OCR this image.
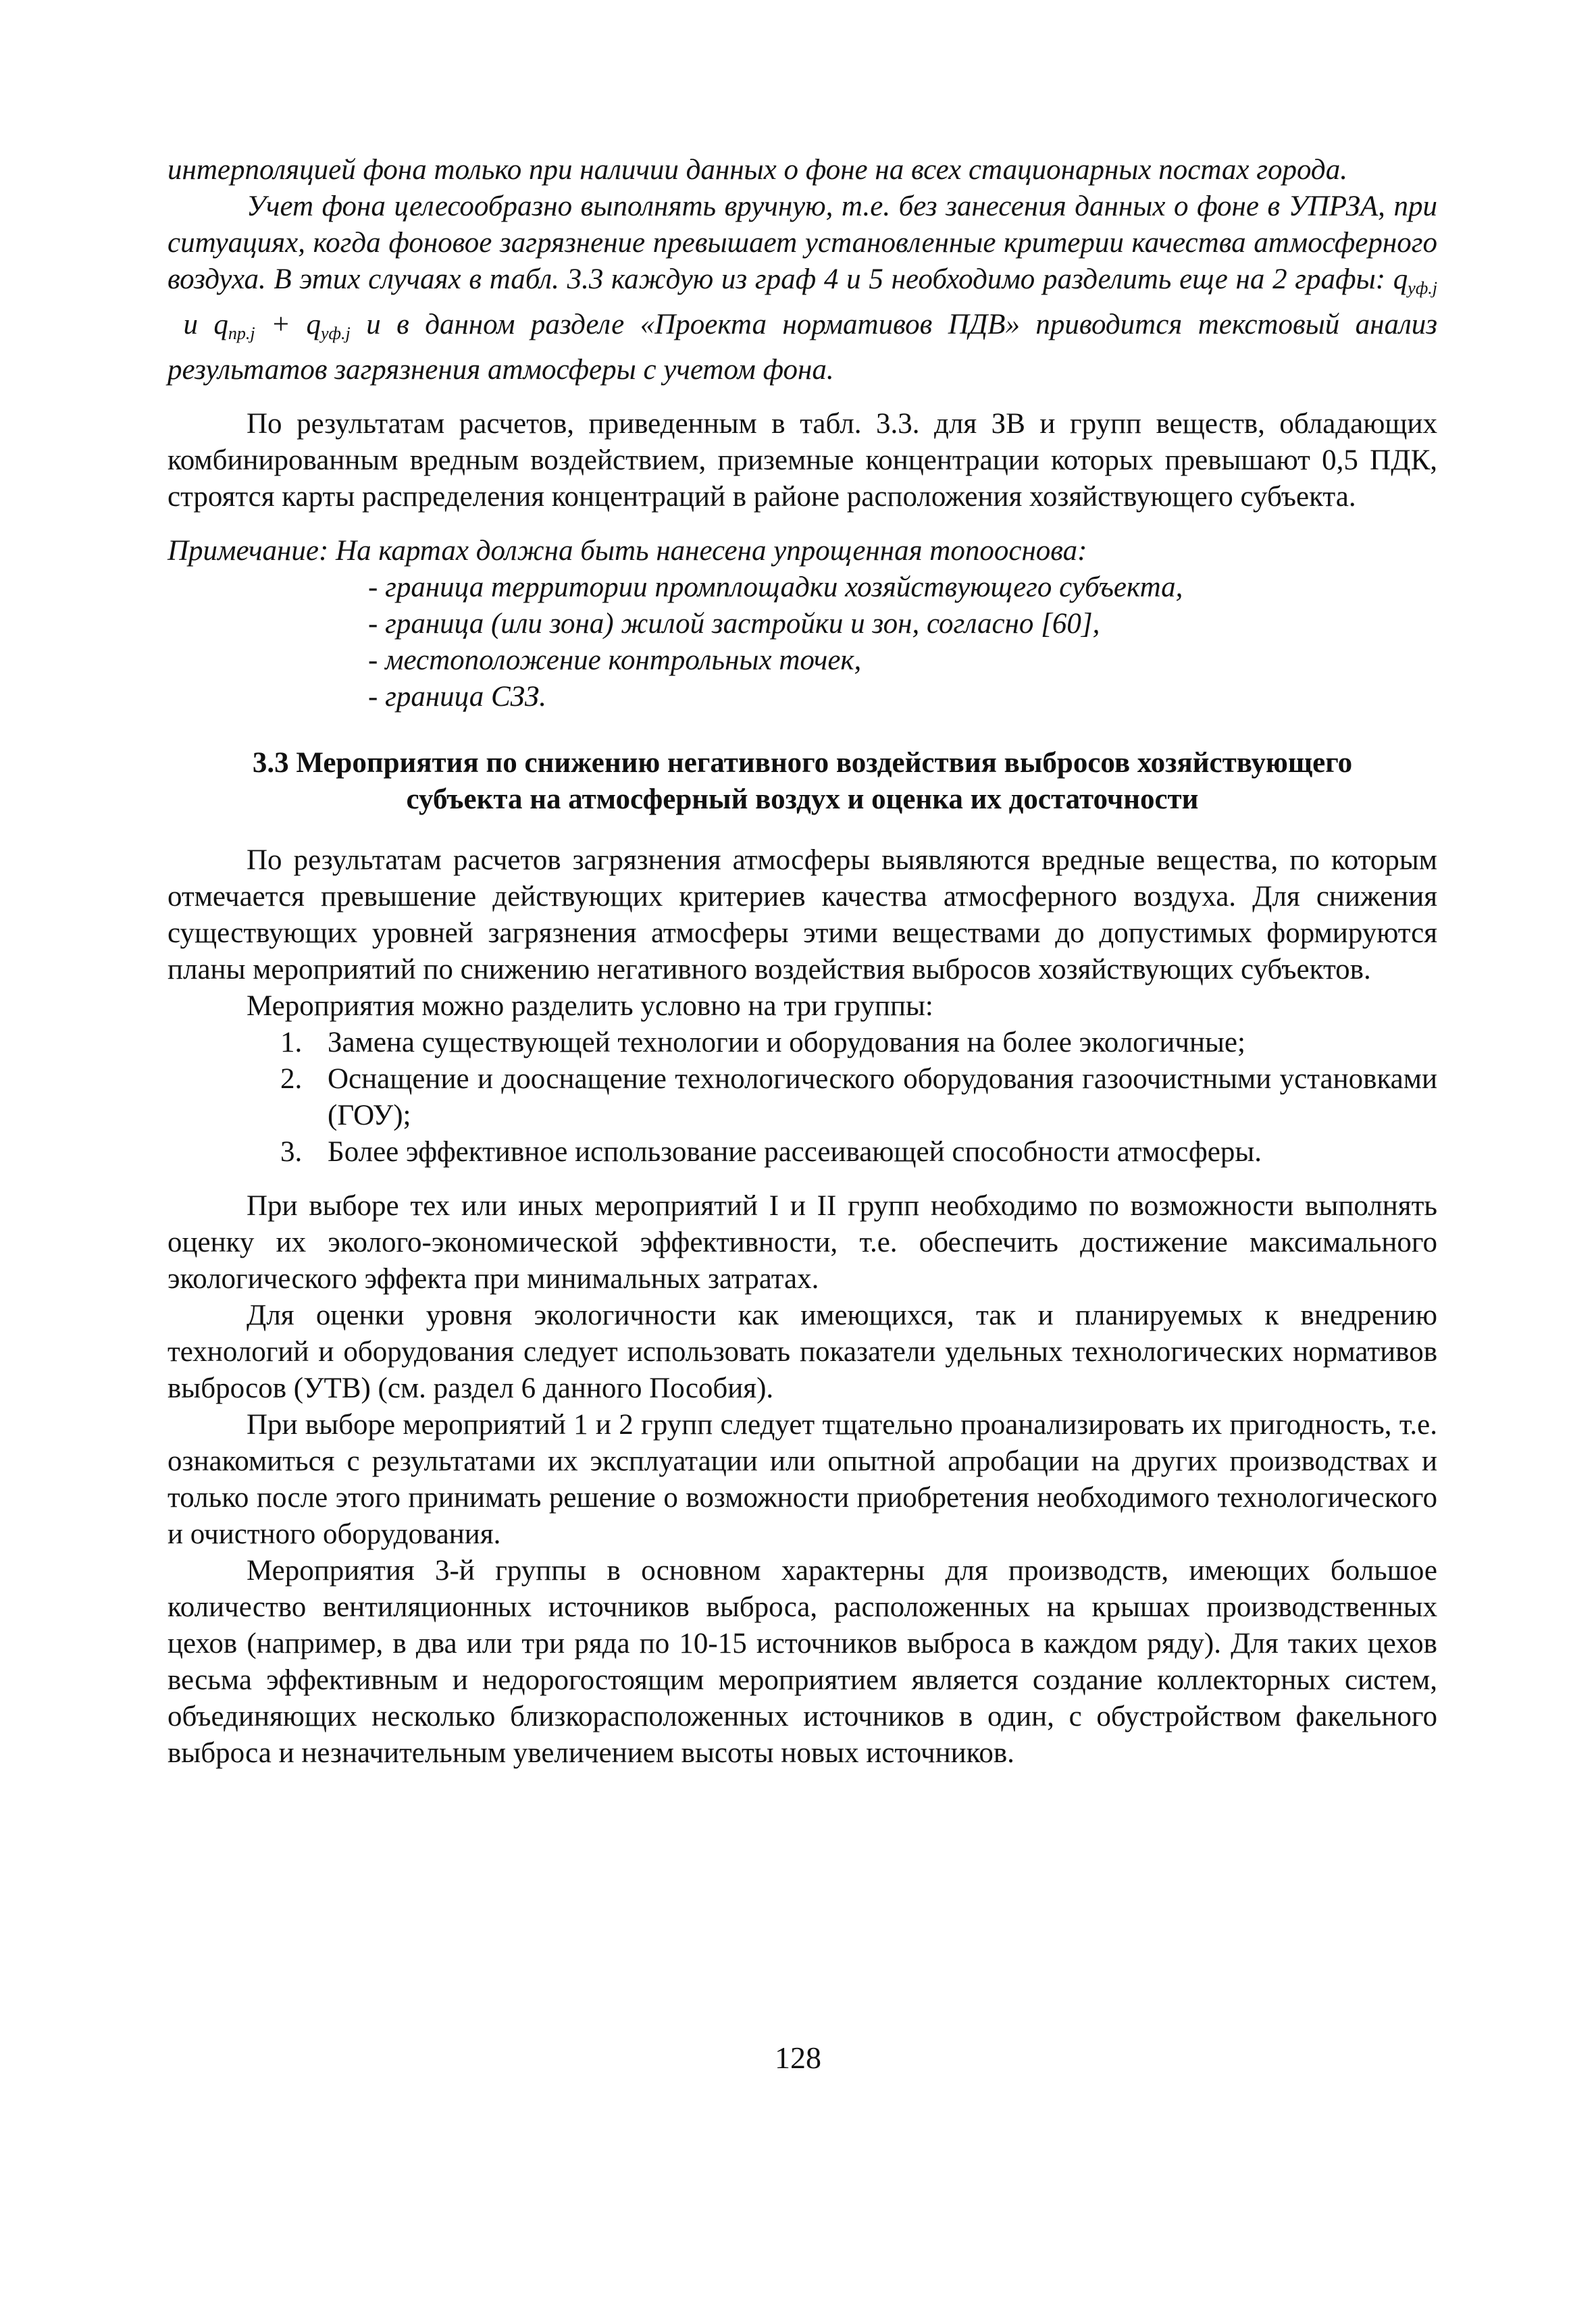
интерполяцией фона только при наличии данных о фоне на всех стационарных постах города.

Учет фона целесообразно выполнять вручную, т.е. без занесения данных о фоне в УПРЗА, при ситуациях, когда фоновое загрязнение превышает установленные критерии качества атмосферного воздуха. В этих случаях в табл. 3.3 каждую из граф 4 и 5 необходимо разделить еще на 2 графы: $q_{уф.j}$  и $q_{пр.j} + q_{уф.j}$ и в данном разделе «Проекта нормативов ПДВ» приводится текстовый анализ результатов загрязнения атмосферы с учетом фона.

По результатам расчетов, приведенным в табл. 3.3. для ЗВ и групп веществ, обладающих комбинированным вредным воздействием, приземные концентрации которых превышают 0,5 ПДК, строятся карты распределения концентраций в районе расположения хозяйствующего субъекта.

Примечание: На картах должна быть нанесена упрощенная топооснова:

- граница территории промплощадки хозяйствующего субъекта,

- граница (или зона) жилой застройки и зон, согласно [60],

- местоположение контрольных точек,

- граница СЗЗ.

3.3 Мероприятия по снижению негативного воздействия выбросов хозяйствующего
субъекта на атмосферный воздух и оценка их достаточности

По результатам расчетов загрязнения атмосферы выявляются вредные вещества, по которым отмечается превышение действующих критериев качества атмосферного воздуха. Для снижения существующих уровней загрязнения атмосферы этими веществами до допустимых формируются планы мероприятий по снижению негативного воздействия выбросов хозяйствующих субъектов.

Мероприятия можно разделить условно на три группы:

1. Замена существующей технологии и оборудования на более экологичные;
2. Оснащение и дооснащение технологического оборудования газоочистными установками (ГОУ);
3. Более эффективное использование рассеивающей способности атмосферы.

При выборе тех или иных мероприятий I и II групп необходимо по возможности выполнять оценку их эколого-экономической эффективности, т.е. обеспечить достижение максимального экологического эффекта при минимальных затратах.

Для оценки уровня экологичности как имеющихся, так и планируемых к внедрению технологий и оборудования следует использовать показатели удельных технологических нормативов выбросов (УТВ) (см. раздел 6 данного Пособия).

При выборе мероприятий 1 и 2 групп следует тщательно проанализировать их пригодность, т.е. ознакомиться с результатами их эксплуатации или опытной апробации на других производствах и только после этого принимать решение о возможности приобретения необходимого технологического и очистного оборудования.

Мероприятия 3-й группы в основном характерны для производств, имеющих большое количество вентиляционных источников выброса, расположенных на крышах производственных цехов (например, в два или три ряда по 10-15 источников выброса в каждом ряду). Для таких цехов весьма эффективным и недорогостоящим мероприятием является создание коллекторных систем, объединяющих несколько близкорасположенных источников в один, с обустройством факельного выброса и незначительным увеличением высоты новых источников.

128
